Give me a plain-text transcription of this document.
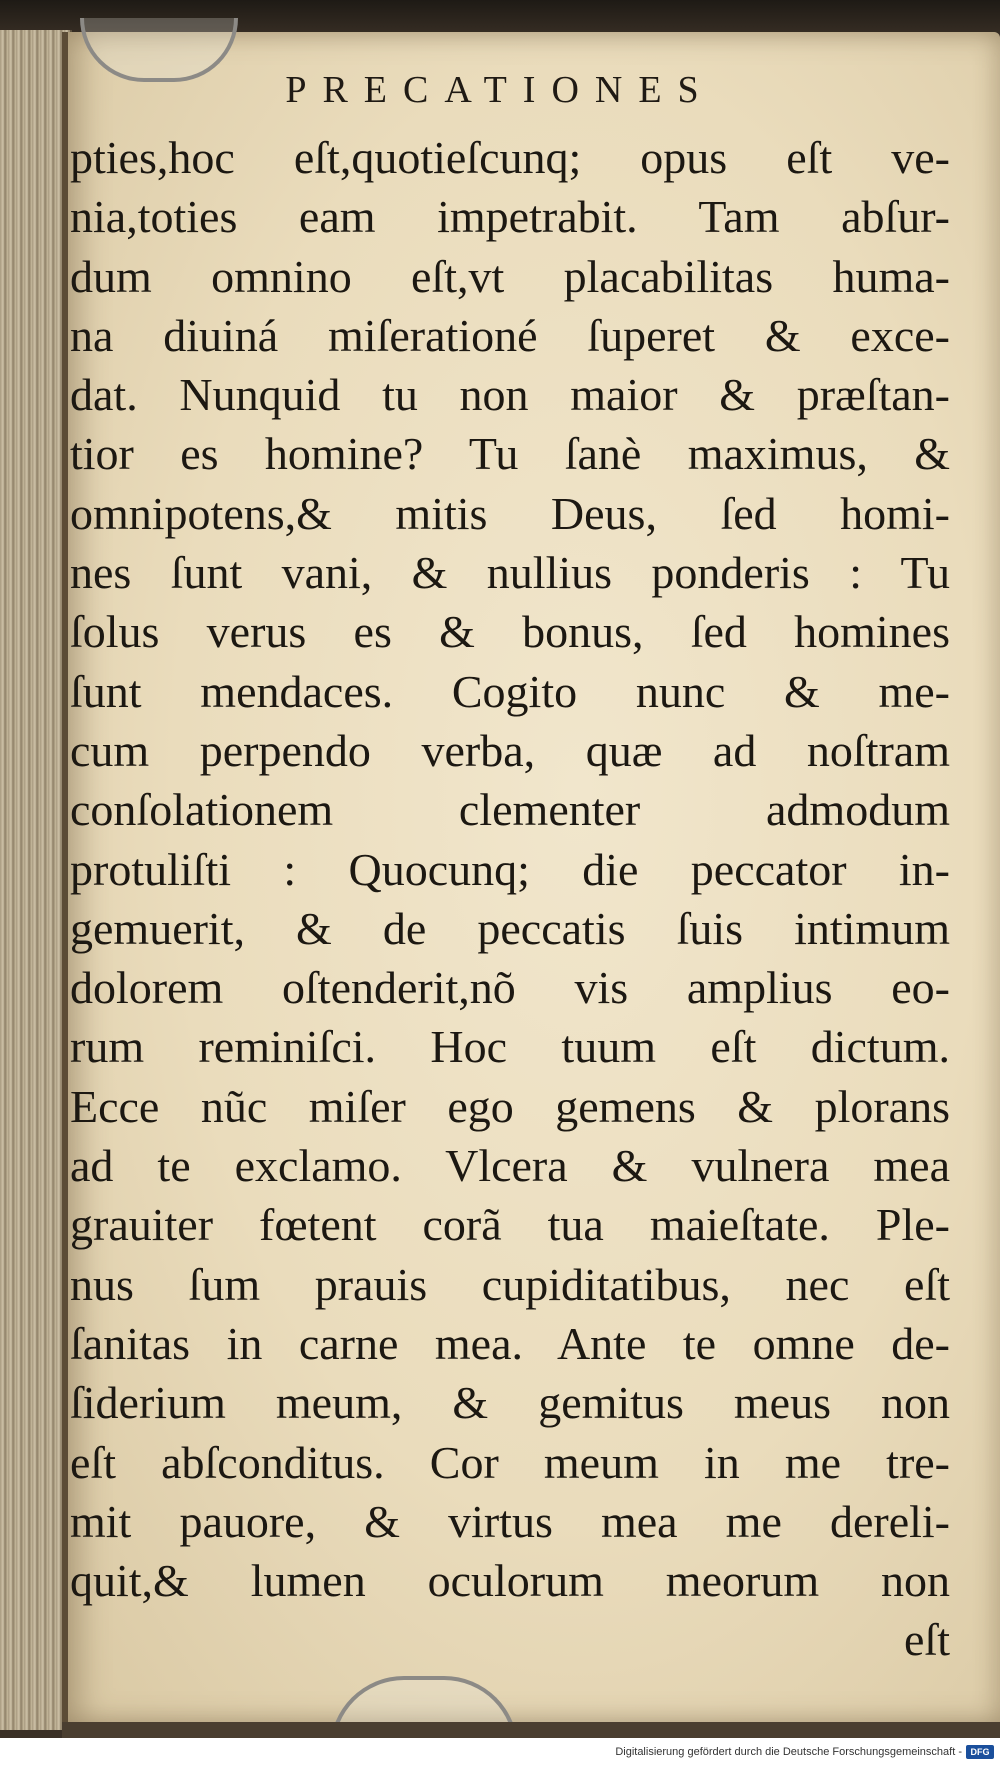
PRECATIONES
pties,hoc eſt,quotieſcunq; opus eſt ve-
nia,toties eam impetrabit. Tam abſur-
dum omnino eſt,vt placabilitas huma-
na diuiná miſerationé ſuperet & exce-
dat. Nunquid tu non maior & præſtan-
tior es homine? Tu ſanè maximus, &
omnipotens,& mitis Deus, ſed homi-
nes ſunt vani, & nullius ponderis : Tu
ſolus verus es & bonus, ſed homines
ſunt mendaces. Cogito nunc & me-
cum perpendo verba, quæ ad noſtram
conſolationem clementer admodum
protuliſti : Quocunq; die peccator in-
gemuerit, & de peccatis ſuis intimum
dolorem oſtenderit,nõ vis amplius eo-
rum reminiſci. Hoc tuum eſt dictum.
Ecce nũc miſer ego gemens & plorans
ad te exclamo. Vlcera & vulnera mea
grauiter fœtent corã tua maieſtate. Ple-
nus ſum prauis cupiditatibus, nec eſt
ſanitas in carne mea. Ante te omne de-
ſiderium meum, & gemitus meus non
eſt abſconditus. Cor meum in me tre-
mit pauore, & virtus mea me dereli-
quit,& lumen oculorum meorum non
eſt
Digitalisierung gefördert durch die Deutsche Forschungsgemeinschaft - DFG
